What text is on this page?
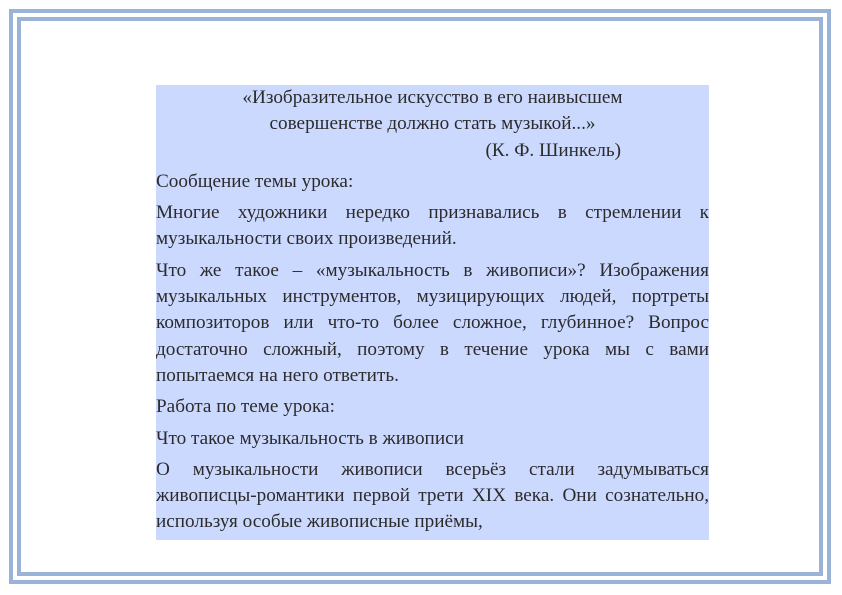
«Изобразительное искусство в его наивысшем
совершенстве должно стать музыкой...»

(К. Ф. Шинкель)

Сообщение темы урока:

Многие художники нередко признавались в стремлении к музыкальности своих произведений.

Что же такое – «музыкальность в живописи»? Изображения музыкальных инструментов, музицирующих людей, портреты композиторов или что-то более сложное, глубинное? Вопрос достаточно сложный, поэтому в течение урока мы с вами попытаемся на него ответить.

Работа по теме урока:

Что такое музыкальность в живописи

О музыкальности живописи всерьёз стали задумываться живописцы-романтики первой трети XIX века. Они сознательно, используя особые живописные приёмы,
